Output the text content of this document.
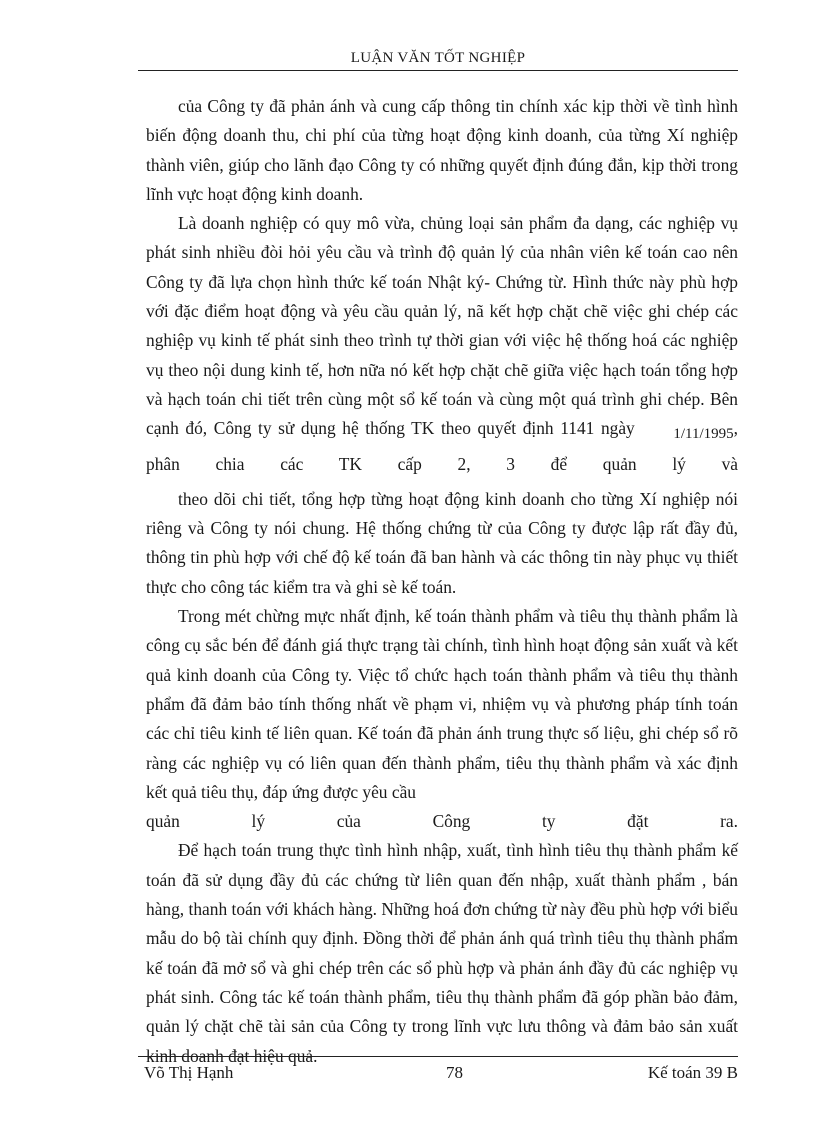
LUẬN VĂN TỐT NGHIỆP

của Công ty đã phản ánh và cung cấp thông tin chính xác kịp thời về tình hình biến động doanh thu, chi phí của từng hoạt động kinh doanh, của từng Xí nghiệp thành viên, giúp cho lãnh đạo Công ty có những quyết định đúng đắn, kịp thời trong lĩnh vực hoạt động kinh doanh.

Là doanh nghiệp có quy mô vừa, chủng loại sản phẩm đa dạng, các nghiệp vụ phát sinh nhiều đòi hỏi yêu cầu và trình độ quản lý của nhân viên kế toán cao nên Công ty đã lựa chọn hình thức kế toán Nhật ký- Chứng từ. Hình thức này phù hợp với đặc điểm hoạt động và yêu cầu quản lý, nã kết hợp chặt chẽ việc ghi chép các nghiệp vụ kinh tế phát sinh theo trình tự thời gian với việc hệ thống hoá các nghiệp vụ theo nội dung kinh tế, hơn nữa nó kết hợp chặt chẽ giữa việc hạch toán tổng hợp và hạch toán chi tiết trên cùng một sổ kế toán và cùng một quá trình ghi chép. Bên cạnh đó, Công ty sử dụng hệ thống TK theo quyết định 1141 ngày	1/11/1995, phân chia các TK cấp 2, 3 để quản lý và

theo dõi chi tiết, tổng hợp từng hoạt động kinh doanh cho từng Xí nghiệp nói riêng và Công ty nói chung. Hệ thống chứng từ của Công ty được lập rất đầy đủ, thông tin phù hợp với chế độ kế toán đã ban hành và các thông tin này phục vụ thiết thực cho công tác kiểm tra và ghi sè kế toán.

Trong mét chừng mực nhất định, kế toán thành phẩm và tiêu thụ thành phẩm là công cụ sắc bén để đánh giá thực trạng tài chính, tình hình hoạt động sản xuất và kết quả kinh doanh của Công ty. Việc tổ chức hạch toán thành phẩm và tiêu thụ thành phẩm đã đảm bảo tính thống nhất về phạm vi, nhiệm vụ và phương pháp tính toán các chỉ tiêu kinh tế liên quan. Kế toán đã phản ánh trung thực số liệu, ghi chép sổ rõ ràng các nghiệp vụ có liên quan đến thành phẩm, tiêu thụ thành phẩm và xác định kết quả tiêu thụ, đáp ứng được yêu cầu

quản lý của Công ty đặt ra.

Để hạch toán trung thực tình hình nhập, xuất, tình hình tiêu thụ thành phẩm kế toán đã sử dụng đầy đủ các chứng từ liên quan đến nhập, xuất thành phẩm , bán hàng, thanh toán với khách hàng. Những hoá đơn chứng từ này đều phù hợp với biểu mẫu do bộ tài chính quy định. Đồng thời để phản ánh quá trình tiêu thụ thành phẩm kế toán đã mở sổ và ghi chép trên các sổ phù hợp và phản ánh đầy đủ các nghiệp vụ phát sinh. Công tác kế toán thành phẩm, tiêu thụ thành phẩm đã góp phần bảo đảm, quản lý chặt chẽ tài sản của Công ty trong lĩnh vực lưu thông và đảm bảo sản xuất kinh doanh đạt hiệu quả.

Võ Thị Hạnh	78	Kế toán 39 B
